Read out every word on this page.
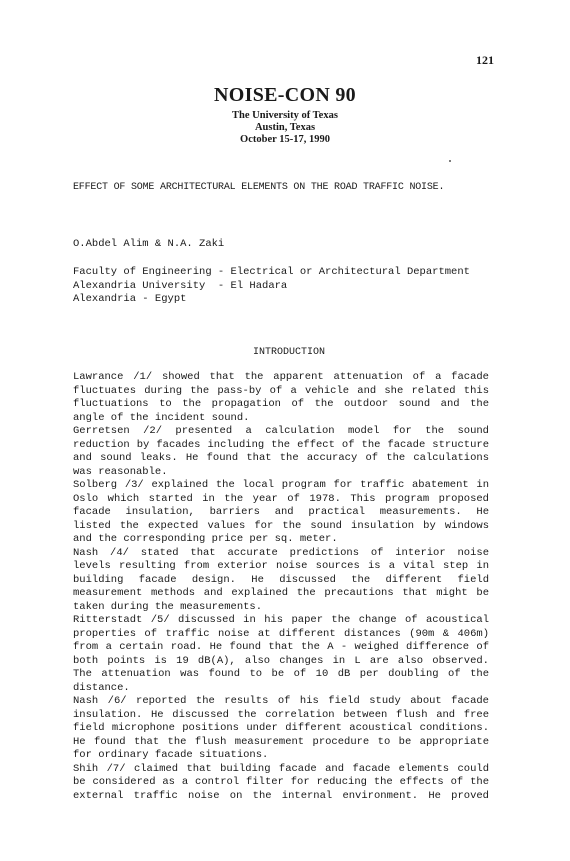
121
NOISE-CON 90
The University of Texas
Austin, Texas
October 15-17, 1990
EFFECT OF SOME ARCHITECTURAL ELEMENTS ON THE ROAD TRAFFIC NOISE.
O.Abdel Alim & N.A. Zaki
Faculty of Engineering - Electrical or Architectural Department
Alexandria University  - El Hadara
Alexandria - Egypt
INTRODUCTION
Lawrance /1/ showed that the apparent attenuation of a facade
fluctuates during the pass-by of a vehicle and she related this
fluctuations to the propagation of the outdoor sound and the
angle of the incident sound.
Gerretsen /2/ presented a calculation model for the sound
reduction by facades including the effect of the facade structure
and sound leaks. He found that the accuracy of the calculations
was reasonable.
Solberg /3/ explained the local program for traffic abatement in
Oslo which started in the year of 1978. This program proposed
facade insulation, barriers and practical measurements. He
listed the expected values for the sound insulation by windows
and the corresponding price per sq. meter.
Nash /4/ stated that accurate predictions of interior noise
levels resulting from exterior noise sources is a vital step in
building facade design. He discussed the different field
measurement methods and explained the precautions that might be
taken during the measurements.
Ritterstadt /5/ discussed in his paper the change of acoustical
properties of traffic noise at different distances (90m & 406m)
from a certain road. He found that the A - weighed difference of
both points is 19 dB(A), also changes in L are also observed.
The attenuation was found to be of 10 dB per doubling of the
distance.
Nash /6/ reported the results of his field study about facade
insulation. He discussed the correlation between flush and free
field microphone positions under different acoustical conditions.
He found that the flush measurement procedure to be appropriate
for ordinary facade situations.
Shih /7/ claimed that building facade and facade elements could
be considered as a control filter for reducing the effects of the
external traffic noise on the internal environment. He proved
